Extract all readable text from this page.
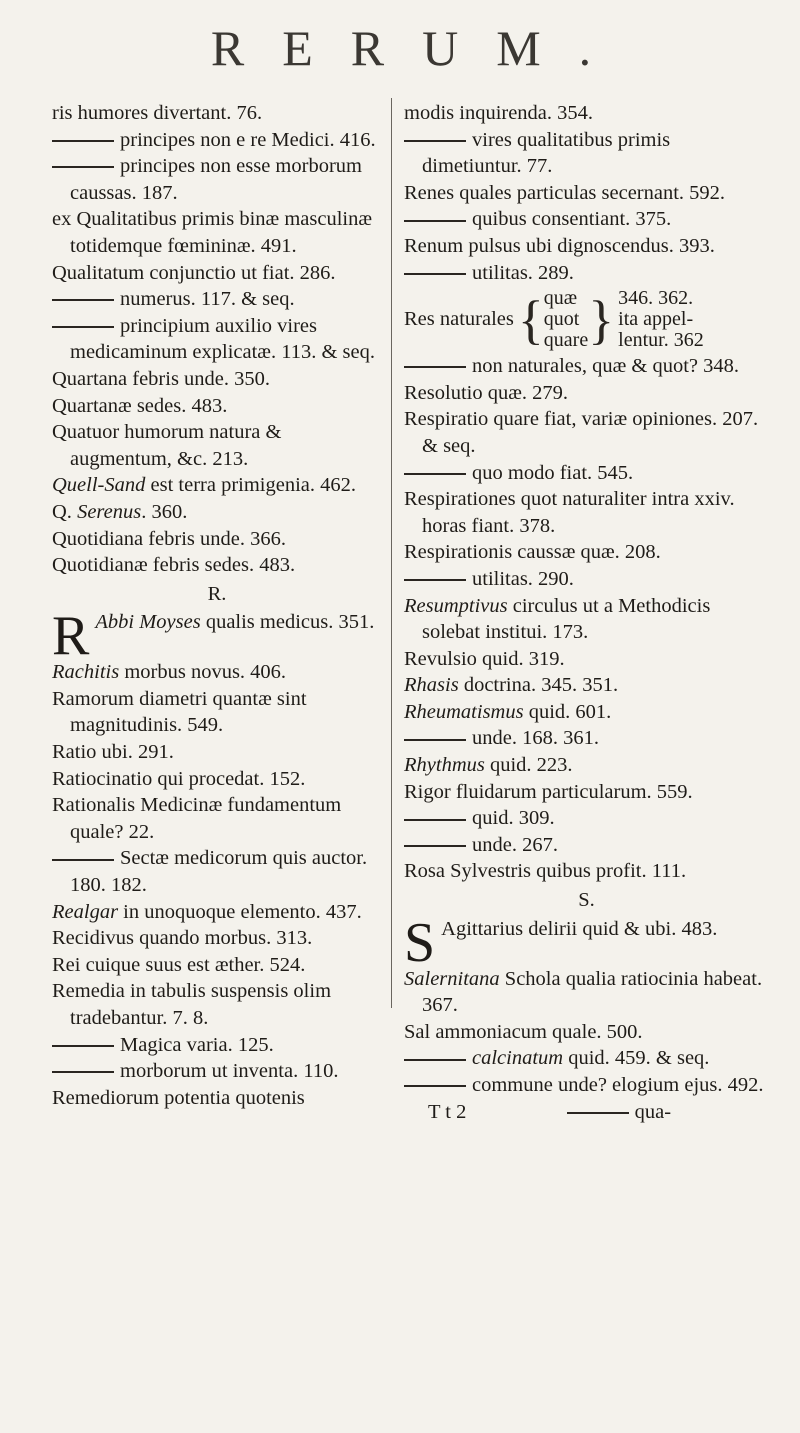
RERUM.

ris humores divertant. 76.

principes non e re Medici. 416.

principes non esse morborum caussas. 187.

ex Qualitatibus primis binæ masculinæ totidemque fœmininæ. 491.

Qualitatum conjunctio ut fiat. 286.

numerus. 117. & seq.

principium auxilio vires medicaminum explicatæ. 113. & seq.

Quartana febris unde. 350.

Quartanæ sedes. 483.

Quatuor humorum natura & augmentum, &c. 213.

Quell-Sand est terra primigenia. 462.

Q. Serenus. 360.

Quotidiana febris unde. 366.

Quotidianæ febris sedes. 483.

R.

R Abbi Moyses qualis medicus. 351.

Rachitis morbus novus. 406.

Ramorum diametri quantæ sint magnitudinis. 549.

Ratio ubi. 291.

Ratiocinatio qui procedat. 152.

Rationalis Medicinæ fundamentum quale? 22.

Sectæ medicorum quis auctor. 180. 182.

Realgar in unoquoque elemento. 437.

Recidivus quando morbus. 313.

Rei cuique suus est æther. 524.

Remedia in tabulis suspensis olim tradebantur. 7. 8.

Magica varia. 125.

morborum ut inventa. 110.

Remediorum potentia quotenis

modis inquirenda. 354.

vires qualitatibus primis dimetiuntur. 77.

Renes quales particulas secernant. 592.

quibus consentiant. 375.

Renum pulsus ubi dignoscendus. 393.

utilitas. 289.

Res naturales { quæ
quot
quare } 346. 362.
ita appel-
lentur. 362

non naturales, quæ & quot? 348.

Resolutio quæ. 279.

Respiratio quare fiat, variæ opiniones. 207. & seq.

quo modo fiat. 545.

Respirationes quot naturaliter intra xxiv. horas fiant. 378.

Respirationis caussæ quæ. 208.

utilitas. 290.

Resumptivus circulus ut a Methodicis solebat institui. 173.

Revulsio quid. 319.

Rhasis doctrina. 345. 351.

Rheumatismus quid. 601.

unde. 168. 361.

Rhythmus quid. 223.

Rigor fluidarum particularum. 559.

quid. 309.

unde. 267.

Rosa Sylvestris quibus profit. 111.

S.

S Agittarius delirii quid & ubi. 483.

Salernitana Schola qualia ratiocinia habeat. 367.

Sal ammoniacum quale. 500.

calcinatum quid. 459. & seq.

commune unde? elogium ejus. 492.

T t 2	qua-
